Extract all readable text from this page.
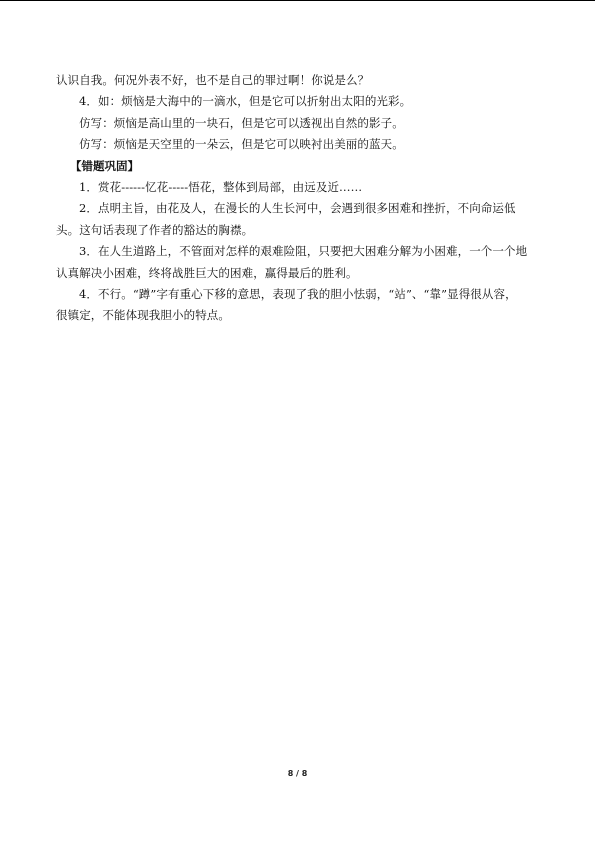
认识自我。何况外表不好，也不是自己的罪过啊！你说是么？
4．如：烦恼是大海中的一滴水，但是它可以折射出太阳的光彩。
仿写：烦恼是高山里的一块石，但是它可以透视出自然的影子。
仿写：烦恼是天空里的一朵云，但是它可以映衬出美丽的蓝天。
【错题巩固】
1．赏花------忆花-----悟花，整体到局部，由远及近……
2．点明主旨，由花及人，在漫长的人生长河中，会遇到很多困难和挫折，不向命运低
头。这句话表现了作者的豁达的胸襟。
3．在人生道路上，不管面对怎样的艰难险阻，只要把大困难分解为小困难，一个一个地
认真解决小困难，终将战胜巨大的困难，赢得最后的胜利。
4．不行。“蹲”字有重心下移的意思，表现了我的胆小怯弱，“站”、“靠”显得很从容，
很镇定，不能体现我胆小的特点。
8 / 8
